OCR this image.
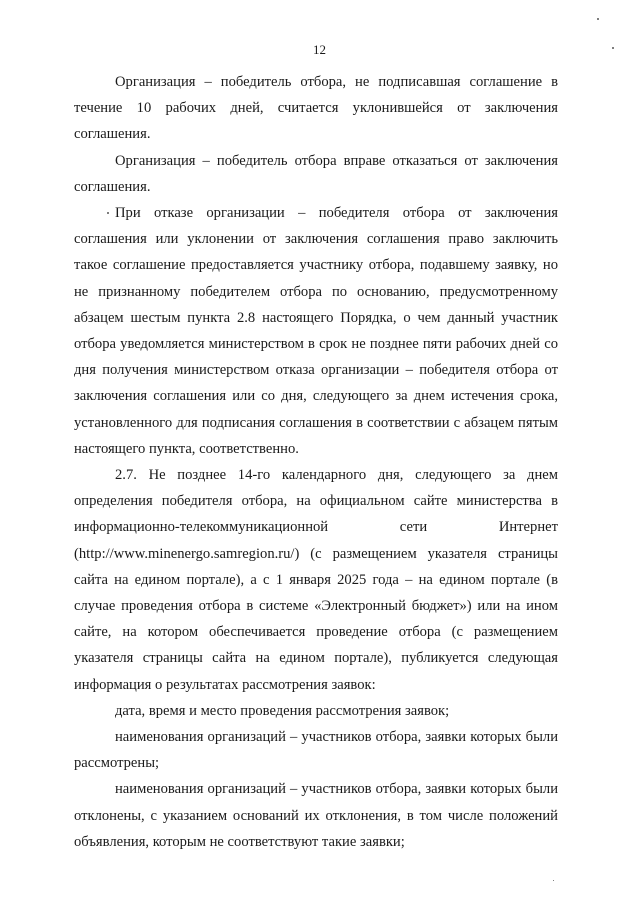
12

Организация – победитель отбора, не подписавшая соглашение в течение 10 рабочих дней, считается уклонившейся от заключения соглашения.

Организация – победитель отбора вправе отказаться от заключения соглашения.

При отказе организации – победителя отбора от заключения соглашения или уклонении от заключения соглашения право заключить такое соглашение предоставляется участнику отбора, подавшему заявку, но не признанному победителем отбора по основанию, предусмотренному абзацем шестым пункта 2.8 настоящего Порядка, о чем данный участник отбора уведомляется министерством в срок не позднее пяти рабочих дней со дня получения министерством отказа организации – победителя отбора от заключения соглашения или со дня, следующего за днем истечения срока, установленного для подписания соглашения в соответствии с абзацем пятым настоящего пункта, соответственно.

2.7. Не позднее 14-го календарного дня, следующего за днем определения победителя отбора, на официальном сайте министерства в информационно-телекоммуникационной сети Интернет (http://www.minenergo.samregion.ru/) (с размещением указателя страницы сайта на едином портале), а с 1 января 2025 года – на едином портале (в случае проведения отбора в системе «Электронный бюджет») или на ином сайте, на котором обеспечивается проведение отбора (с размещением указателя страницы сайта на едином портале), публикуется следующая информация о результатах рассмотрения заявок:

дата, время и место проведения рассмотрения заявок;

наименования организаций – участников отбора, заявки которых были рассмотрены;

наименования организаций – участников отбора, заявки которых были отклонены, с указанием оснований их отклонения, в том числе положений объявления, которым не соответствуют такие заявки;
